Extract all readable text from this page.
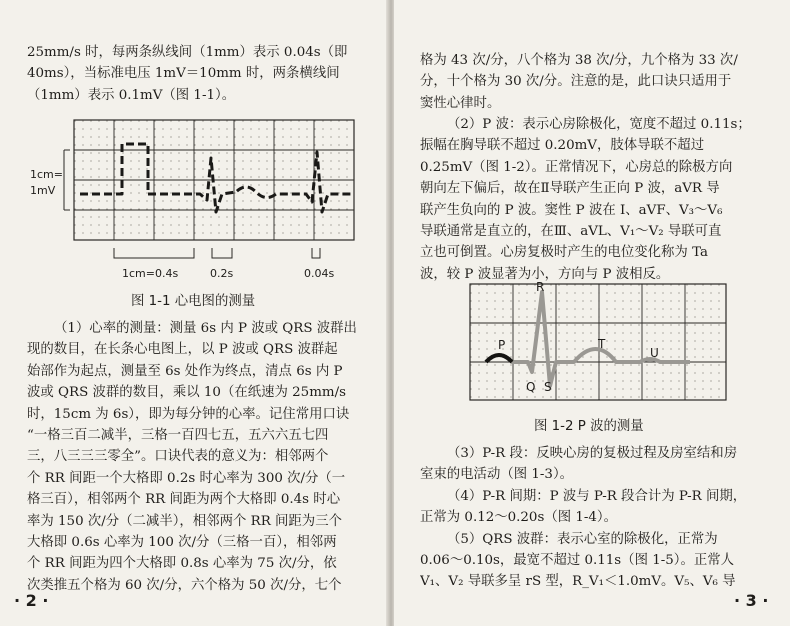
25mm/s 时，每两条纵线间（1mm）表示 0.04s（即
40ms），当标准电压 1mV＝10mm 时，两条横线间
（1mm）表示 0.1mV（图 1-1）。
1cm=
1mV
1cm=0.4s	0.2s	0.04s
图 1-1 心电图的测量
（1）心率的测量：测量 6s 内 P 波或 QRS 波群出
现的数目，在长条心电图上，以 P 波或 QRS 波群起
始部作为起点，测量至 6s 处作为终点，清点 6s 内 P
波或 QRS 波群的数目，乘以 10（在纸速为 25mm/s
时，15cm 为 6s），即为每分钟的心率。记住常用口诀
“一格三百二减半，三格一百四七五，五六六五七四
三，八三三三零全”。口诀代表的意义为：相邻两个
个 RR 间距一个大格即 0.2s 时心率为 300 次/分（一
格三百），相邻两个 RR 间距为两个大格即 0.4s 时心
率为 150 次/分（二减半），相邻两个 RR 间距为三个
大格即 0.6s 心率为 100 次/分（三格一百），相邻两
个 RR 间距为四个大格即 0.8s 心率为 75 次/分，依
次类推五个格为 60 次/分，六个格为 50 次/分，七个
· 2 ·
格为 43 次/分，八个格为 38 次/分，九个格为 33 次/
分，十个格为 30 次/分。注意的是，此口诀只适用于
窦性心律时。
（2）P 波：表示心房除极化，宽度不超过 0.11s；
振幅在胸导联不超过 0.20mV，肢体导联不超过
0.25mV（图 1-2）。正常情况下，心房总的除极方向
朝向左下偏后，故在Ⅱ导联产生正向 P 波，aVR 导
联产生负向的 P 波。窦性 P 波在 I、aVF、V₃～V₆
导联通常是直立的，在Ⅲ、aVL、V₁～V₂ 导联可直
立也可倒置。心房复极时产生的电位变化称为 Ta
波，较 P 波显著为小，方向与 P 波相反。
P
R
Q S
T
U
图 1-2 P 波的测量
（3）P-R 段：反映心房的复极过程及房室结和房
室束的电活动（图 1-3）。
（4）P-R 间期：P 波与 P-R 段合计为 P-R 间期，
正常为 0.12～0.20s（图 1-4）。
（5）QRS 波群：表示心室的除极化，正常为
0.06～0.10s，最宽不超过 0.11s（图 1-5）。正常人
V₁、V₂ 导联多呈 rS 型，R_V₁＜1.0mV。V₅、V₆ 导
· 3 ·
